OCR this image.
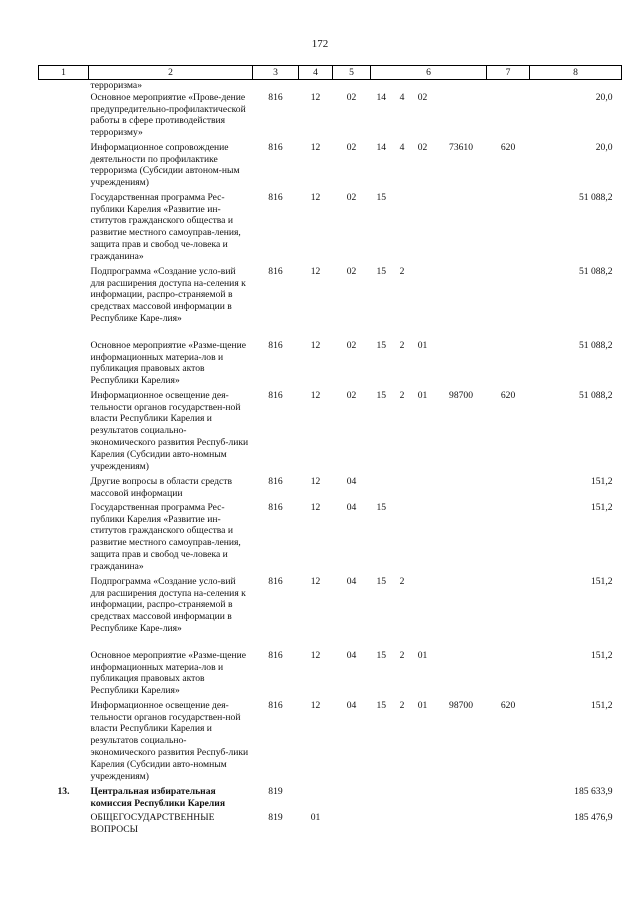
172
1	2	3	4	5	6				7	8
	терроризма»									
	Основное мероприятие «Прове-дение предупредительно-профилактической работы в сфере противодействия терроризму»	816	12	02	14	4	02			20,0
	Информационное сопровождение деятельности по профилактике терроризма (Субсидии автоном-ным учреждениям)	816	12	02	14	4	02	73610	620	20,0
	Государственная программа Рес-публики Карелия «Развитие ин-ститутов гражданского общества и развитие местного самоуправ-ления, защита прав и свобод че-ловека и гражданина»	816	12	02	15					51 088,2
	Подпрограмма «Создание усло-вий для расширения доступа на-селения к информации, распро-страняемой в средствах массовой информации в Республике Каре-лия»	816	12	02	15	2				51 088,2
	Основное мероприятие «Разме-щение информационных материа-лов и публикация правовых актов Республики Карелия»	816	12	02	15	2	01			51 088,2
	Информационное освещение дея-тельности органов государствен-ной власти Республики Карелия и результатов социально-экономического развития Респуб-лики Карелия (Субсидии авто-номным учреждениям)	816	12	02	15	2	01	98700	620	51 088,2
	Другие вопросы в области средств массовой информации	816	12	04						151,2
	Государственная программа Рес-публики Карелия «Развитие ин-ститутов гражданского общества и развитие местного самоуправ-ления, защита прав и свобод че-ловека и гражданина»	816	12	04	15					151,2
	Подпрограмма «Создание усло-вий для расширения доступа на-селения к информации, распро-страняемой в средствах массовой информации в Республике Каре-лия»	816	12	04	15	2				151,2
	Основное мероприятие «Разме-щение информационных материа-лов и публикация правовых актов Республики Карелия»	816	12	04	15	2	01			151,2
	Информационное освещение дея-тельности органов государствен-ной власти Республики Карелия и результатов социально-экономического развития Респуб-лики Карелия (Субсидии авто-номным учреждениям)	816	12	04	15	2	01	98700	620	151,2
13.	Центральная избирательная комиссия Республики Карелия	819								185 633,9
	ОБЩЕГОСУДАРСТВЕННЫЕ ВОПРОСЫ	819	01							185 476,9
